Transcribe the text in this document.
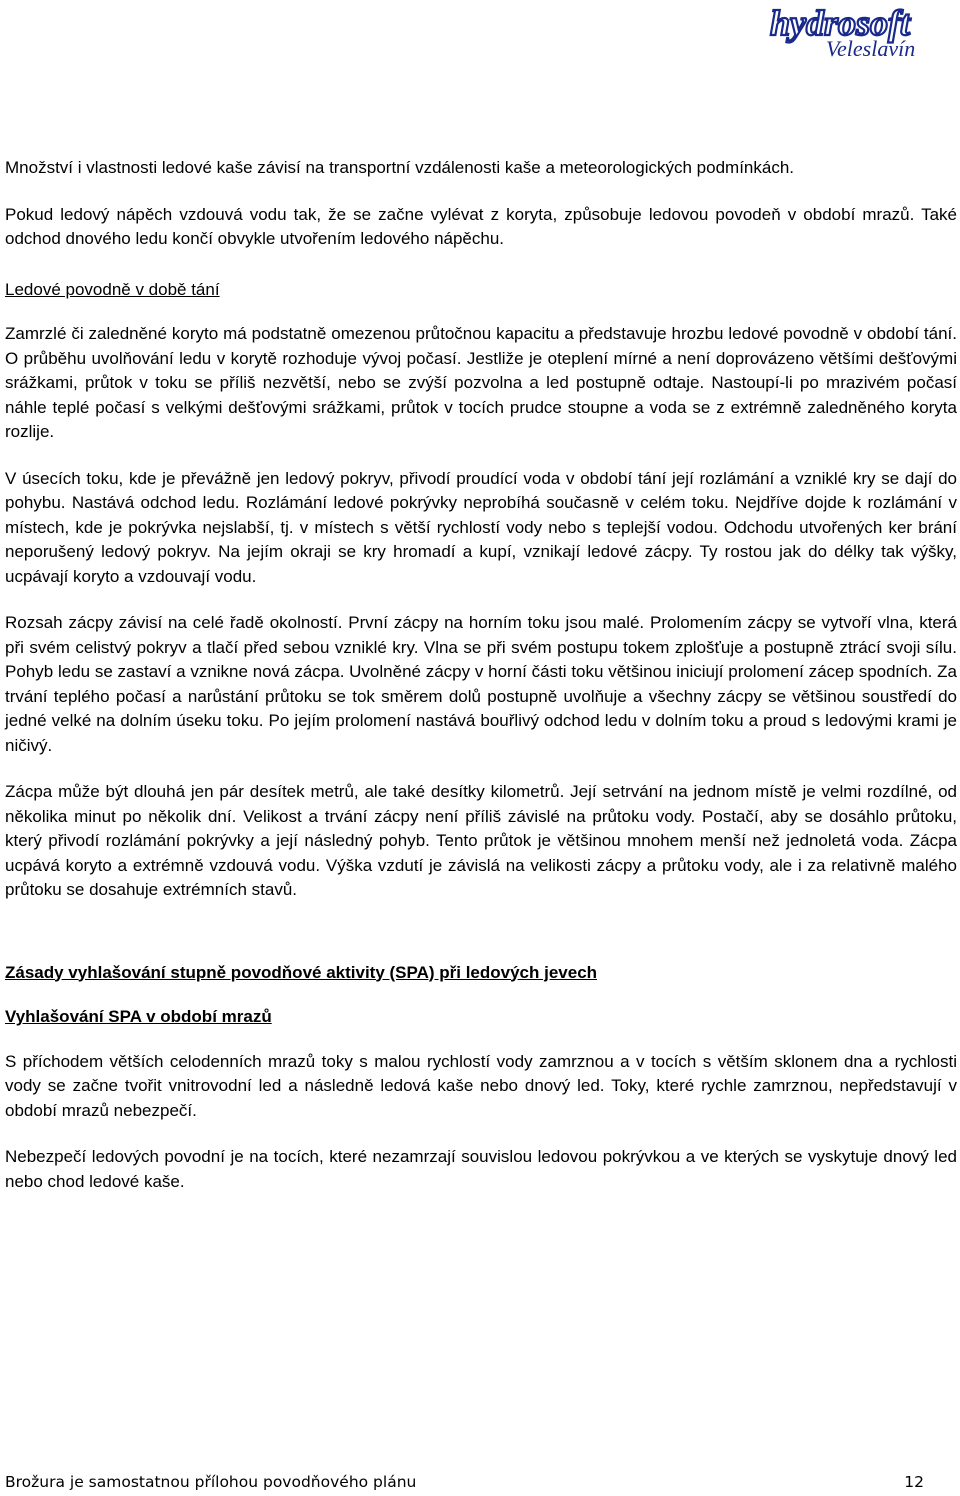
hydrosoft
Veleslavín

Množství i vlastnosti ledové kaše závisí na transportní vzdálenosti kaše a meteorologických podmínkách.

Pokud ledový nápěch vzdouvá vodu tak, že se začne vylévat z koryta, způsobuje ledovou povodeň v období mrazů. Také odchod dnového ledu končí obvykle utvořením ledového nápěchu.

Ledové povodně v době tání

Zamrzlé či zaledněné koryto má podstatně omezenou průtočnou kapacitu a představuje hrozbu ledové povodně v období tání. O průběhu uvolňování ledu v korytě rozhoduje vývoj počasí. Jestliže je oteplení mírné a není doprovázeno většími dešťovými srážkami, průtok v toku se příliš nezvětší, nebo se zvýší pozvolna a led postupně odtaje. Nastoupí-li po mrazivém počasí náhle teplé počasí s velkými dešťovými srážkami, průtok v tocích prudce stoupne a voda se z extrémně zaledněného koryta rozlije.

V úsecích toku, kde je převážně jen ledový pokryv, přivodí proudící voda v období tání její rozlámání a vzniklé kry se dají do pohybu. Nastává odchod ledu. Rozlámání ledové pokrývky neprobíhá současně v celém toku. Nejdříve dojde k rozlámání v místech, kde je pokrývka nejslabší, tj. v místech s větší rychlostí vody nebo s teplejší vodou. Odchodu utvořených ker brání neporušený ledový pokryv. Na jejím okraji se kry hromadí a kupí, vznikají ledové zácpy. Ty rostou jak do délky tak výšky, ucpávají koryto a vzdouvají vodu.

Rozsah zácpy závisí na celé řadě okolností. První zácpy na horním toku jsou malé. Prolomením zácpy se vytvoří vlna, která při svém celistvý pokryv a tlačí před sebou vzniklé kry. Vlna se při svém postupu tokem zplošťuje a postupně ztrácí svoji sílu. Pohyb ledu se zastaví a vznikne nová zácpa. Uvolněné zácpy v horní části toku většinou iniciují prolomení zácep spodních. Za trvání teplého počasí a narůstání průtoku se tok směrem dolů postupně uvolňuje a všechny zácpy se většinou soustředí do jedné velké na dolním úseku toku. Po jejím prolomení nastává bouřlivý odchod ledu v dolním toku a proud s ledovými krami je ničivý.

Zácpa může být dlouhá jen pár desítek metrů, ale také desítky kilometrů. Její setrvání na jednom místě je velmi rozdílné, od několika minut po několik dní. Velikost a trvání zácpy není příliš závislé na průtoku vody. Postačí, aby se dosáhlo průtoku, který přivodí rozlámání pokrývky a její následný pohyb. Tento průtok je většinou mnohem menší než jednoletá voda. Zácpa ucpává koryto a extrémně vzdouvá vodu. Výška vzdutí je závislá na velikosti zácpy a průtoku vody, ale i za relativně malého průtoku se dosahuje extrémních stavů.

Zásady vyhlašování stupně povodňové aktivity (SPA) při ledových jevech

Vyhlašování SPA v období mrazů

S příchodem větších celodenních mrazů toky s malou rychlostí vody zamrznou a v tocích s větším sklonem dna a rychlosti vody se začne tvořit vnitrovodní led a následně ledová kaše nebo dnový led. Toky, které rychle zamrznou, nepředstavují v období mrazů nebezpečí.

Nebezpečí ledových povodní je na tocích, které nezamrzají souvislou ledovou pokrývkou a ve kterých se vyskytuje dnový led nebo chod ledové kaše.

Brožura je samostatnou přílohou povodňového plánu	12
